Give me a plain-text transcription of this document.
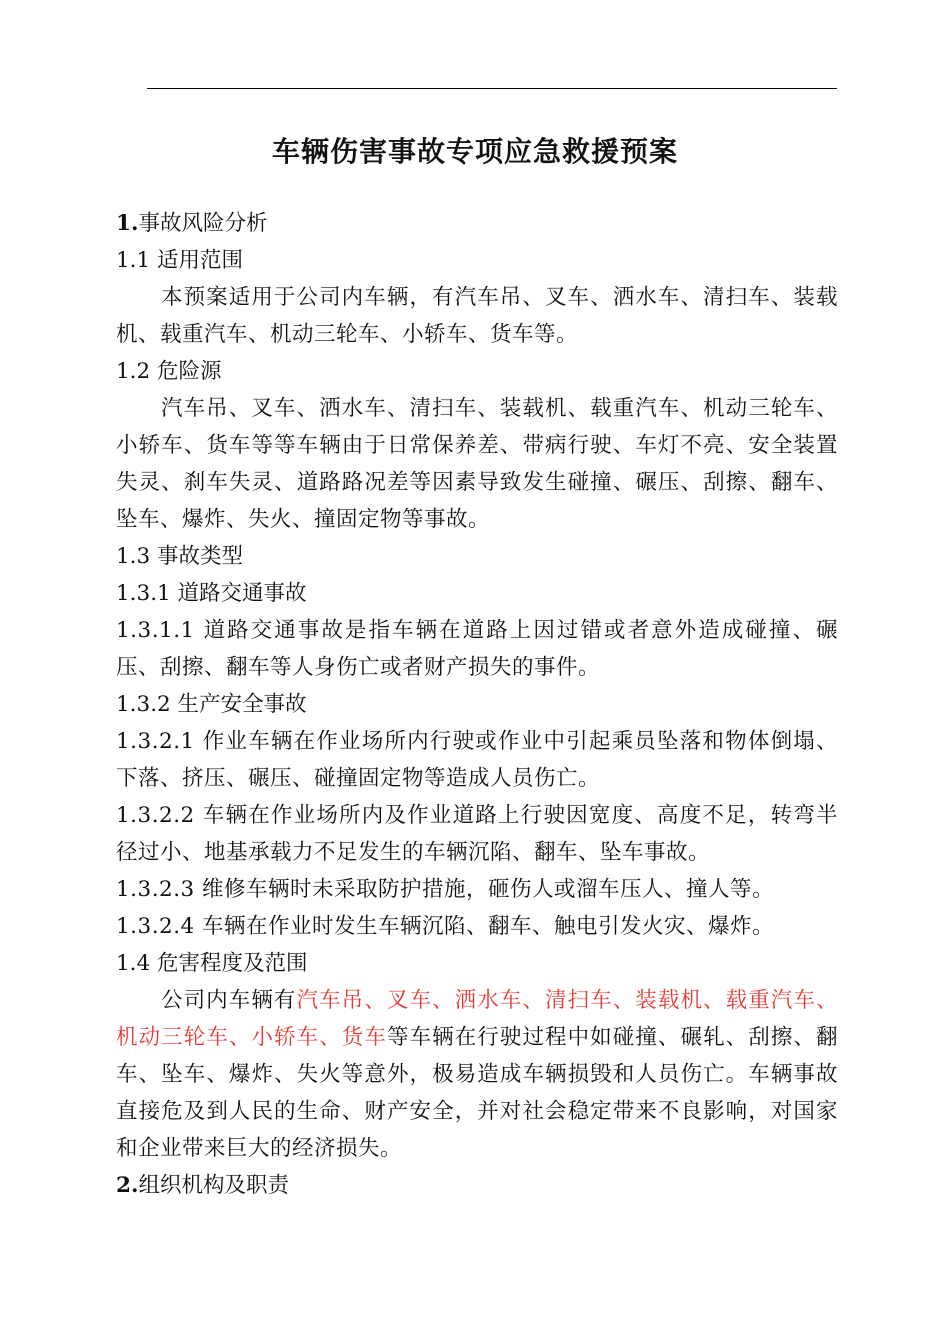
车辆伤害事故专项应急救援预案

1.事故风险分析

1.1 适用范围

本预案适用于公司内车辆，有汽车吊、叉车、洒水车、清扫车、装载机、载重汽车、机动三轮车、小轿车、货车等。

1.2 危险源

汽车吊、叉车、洒水车、清扫车、装载机、载重汽车、机动三轮车、小轿车、货车等等车辆由于日常保养差、带病行驶、车灯不亮、安全装置失灵、刹车失灵、道路路况差等因素导致发生碰撞、碾压、刮擦、翻车、坠车、爆炸、失火、撞固定物等事故。

1.3 事故类型

1.3.1 道路交通事故

1.3.1.1 道路交通事故是指车辆在道路上因过错或者意外造成碰撞、碾压、刮擦、翻车等人身伤亡或者财产损失的事件。

1.3.2 生产安全事故

1.3.2.1 作业车辆在作业场所内行驶或作业中引起乘员坠落和物体倒塌、下落、挤压、碾压、碰撞固定物等造成人员伤亡。

1.3.2.2 车辆在作业场所内及作业道路上行驶因宽度、高度不足，转弯半径过小、地基承载力不足发生的车辆沉陷、翻车、坠车事故。

1.3.2.3 维修车辆时未采取防护措施，砸伤人或溜车压人、撞人等。

1.3.2.4 车辆在作业时发生车辆沉陷、翻车、触电引发火灾、爆炸。

1.4 危害程度及范围

公司内车辆有汽车吊、叉车、洒水车、清扫车、装载机、载重汽车、机动三轮车、小轿车、货车等车辆在行驶过程中如碰撞、碾轧、刮擦、翻车、坠车、爆炸、失火等意外，极易造成车辆损毁和人员伤亡。车辆事故直接危及到人民的生命、财产安全，并对社会稳定带来不良影响，对国家和企业带来巨大的经济损失。

2.组织机构及职责
